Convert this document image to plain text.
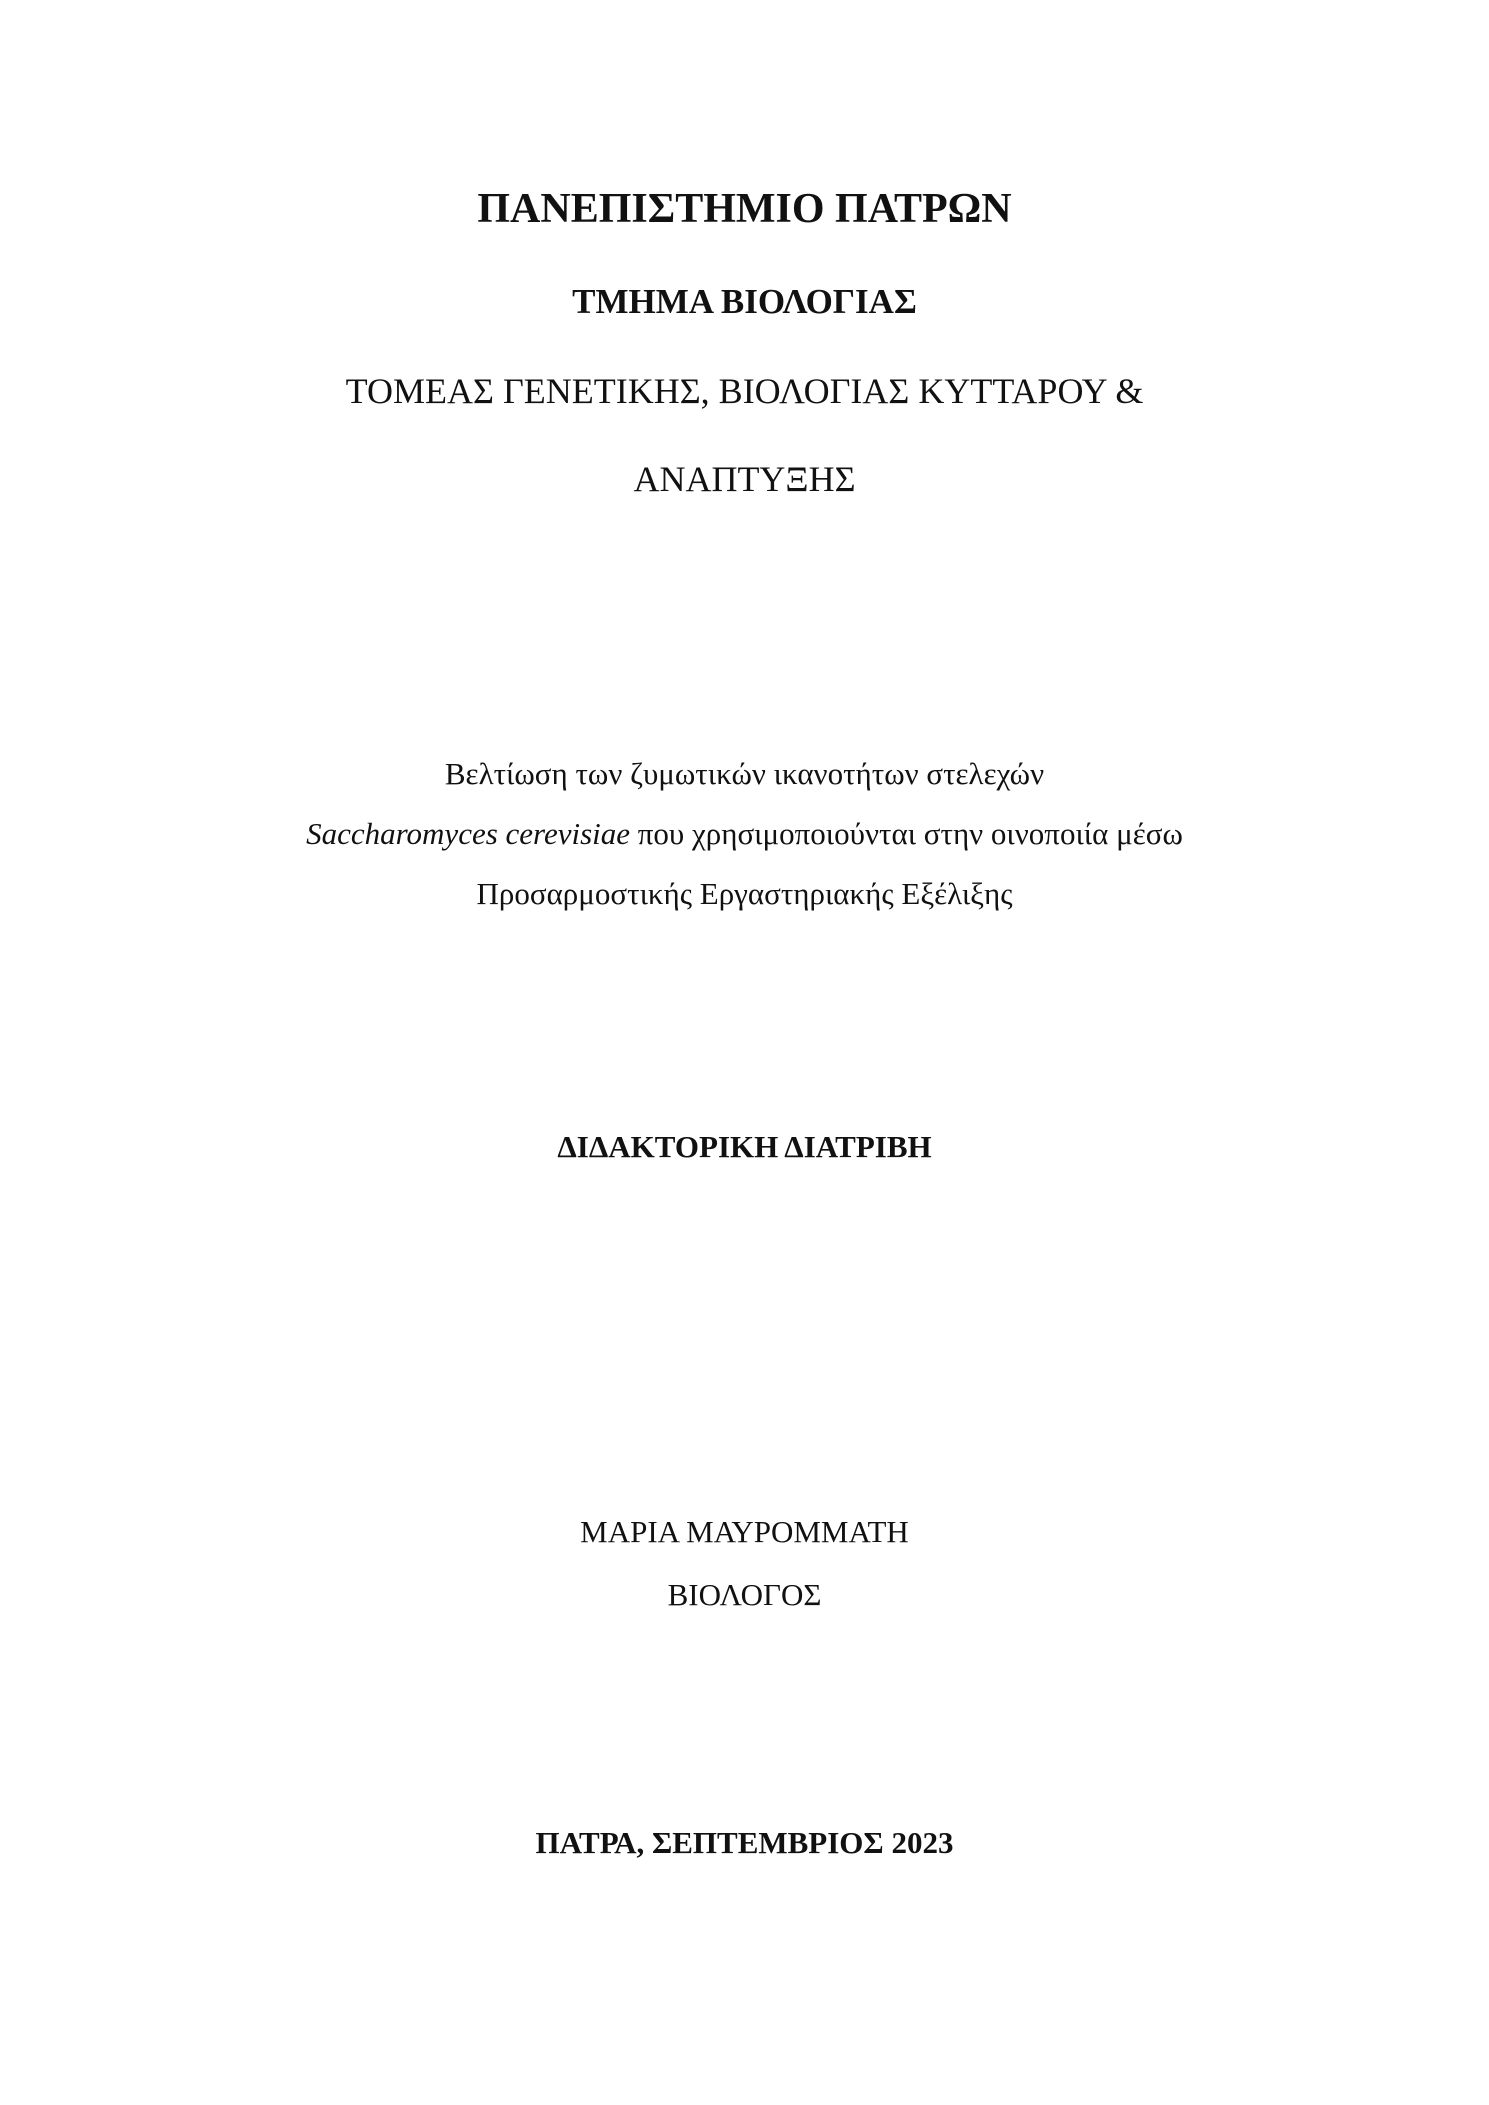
ΠΑΝΕΠΙΣΤΗΜΙΟ ΠΑΤΡΩΝ
ΤΜΗΜΑ ΒΙΟΛΟΓΙΑΣ
ΤΟΜΕΑΣ ΓΕΝΕΤΙΚΗΣ, ΒΙΟΛΟΓΙΑΣ ΚΥΤΤΑΡΟΥ &
ΑΝΑΠΤΥΞΗΣ
Βελτίωση των ζυμωτικών ικανοτήτων στελεχών
Saccharomyces cerevisiae που χρησιμοποιούνται στην οινοποιία μέσω
Προσαρμοστικής Εργαστηριακής Εξέλιξης
ΔΙΔΑΚΤΟΡΙΚΗ ΔΙΑΤΡΙΒΗ
ΜΑΡΙΑ ΜΑΥΡΟΜΜΑΤΗ
ΒΙΟΛΟΓΟΣ
ΠΑΤΡΑ, ΣΕΠΤΕΜΒΡΙΟΣ 2023
